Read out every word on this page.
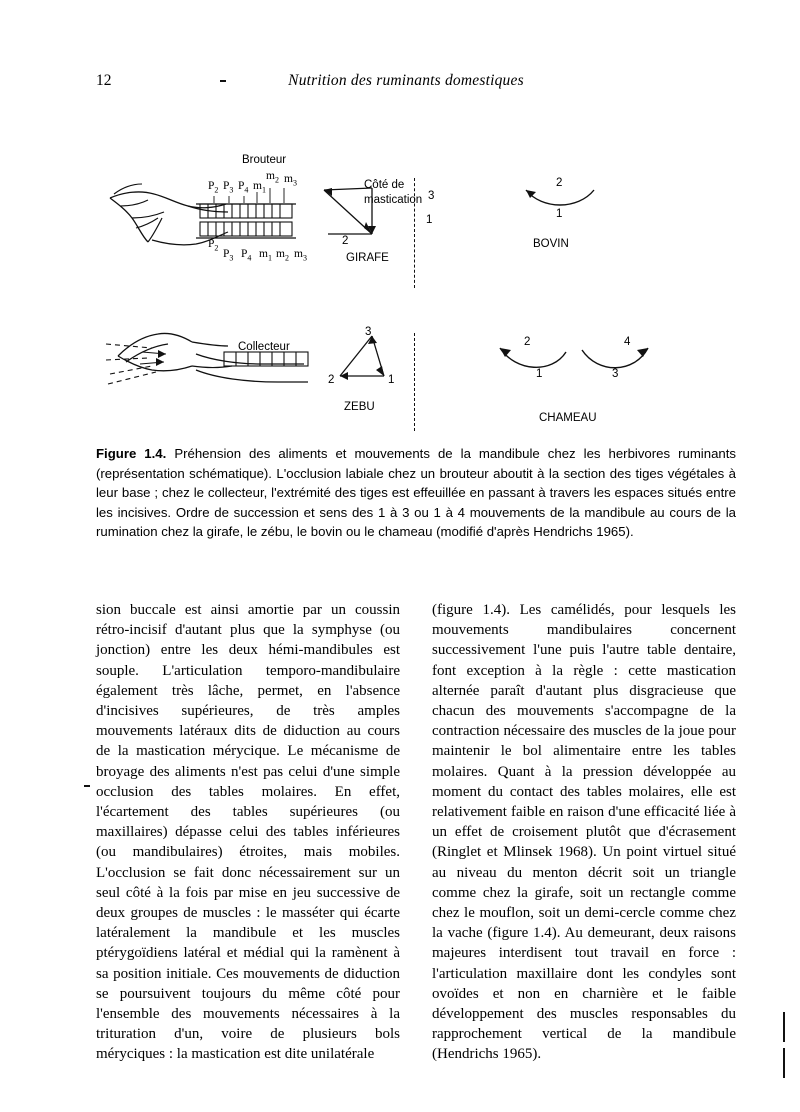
12	Nutrition des ruminants domestiques
Brouteur
Collecteur
Côté de
mastication
GIRAFE
ZEBU
BOVIN
CHAMEAU
3
2
1
3
2	1
2
1
2	4
1	3
$P_2$ $P_3$ $P_4$ $m_1$
$m_2$ $m_3$
$P_2$
$P_3$ $P_4$ $m_1$ $m_2$ $m_3$
Figure 1.4. Préhension des aliments et mouvements de la mandibule chez les herbivores ruminants (représentation schématique). L'occlusion labiale chez un brouteur aboutit à la section des tiges végétales à leur base ; chez le collecteur, l'extrémité des tiges est effeuillée en passant à travers les espaces situés entre les incisives. Ordre de succession et sens des 1 à 3 ou 1 à 4 mouvements de la mandibule au cours de la rumination chez la girafe, le zébu, le bovin ou le chameau (modifié d'après Hendrichs 1965).
sion buccale est ainsi amortie par un coussin rétro-incisif d'autant plus que la symphyse (ou jonction) entre les deux hémi-mandibules est souple. L'articulation temporo-mandibulaire également très lâche, permet, en l'absence d'incisives supérieures, de très amples mouvements latéraux dits de diduction au cours de la mastication mérycique. Le mécanisme de broyage des aliments n'est pas celui d'une simple occlusion des tables molaires. En effet, l'écartement des tables supérieures (ou maxillaires) dépasse celui des tables inférieures (ou mandibulaires) étroites, mais mobiles. L'occlusion se fait donc nécessairement sur un seul côté à la fois par mise en jeu successive de deux groupes de muscles : le masséter qui écarte latéralement la mandibule et les muscles ptérygoïdiens latéral et médial qui la ramènent à sa position initiale. Ces mouvements de diduction se poursuivent toujours du même côté pour l'ensemble des mouvements nécessaires à la trituration d'un, voire de plusieurs bols méryciques : la mastication est dite unilatérale
(figure 1.4). Les camélidés, pour lesquels les mouvements mandibulaires concernent successivement l'une puis l'autre table dentaire, font exception à la règle : cette mastication alternée paraît d'autant plus disgracieuse que chacun des mouvements s'accompagne de la contraction nécessaire des muscles de la joue pour maintenir le bol alimentaire entre les tables molaires. Quant à la pression développée au moment du contact des tables molaires, elle est relativement faible en raison d'une efficacité liée à un effet de croisement plutôt que d'écrasement (Ringlet et Mlinsek 1968). Un point virtuel situé au niveau du menton décrit soit un triangle comme chez la girafe, soit un rectangle comme chez le mouflon, soit un demi-cercle comme chez la vache (figure 1.4). Au demeurant, deux raisons majeures interdisent tout travail en force : l'articulation maxillaire dont les condyles sont ovoïdes et non en charnière et le faible développement des muscles responsables du rapprochement vertical de la mandibule (Hendrichs 1965).
